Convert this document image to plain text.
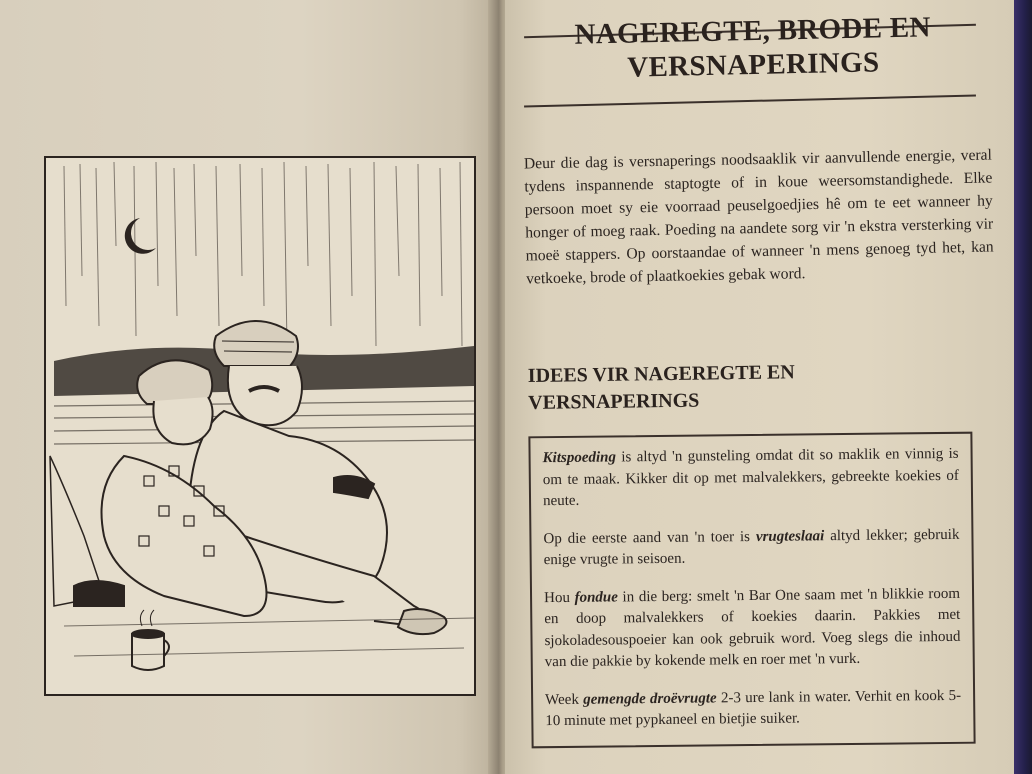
NAGEREGTE, BRODE EN
VERSNAPERINGS
Deur die dag is versnaperings noodsaaklik vir aanvullende energie, veral tydens inspannende staptogte of in koue weersomstandighede. Elke persoon moet sy eie voorraad peuselgoedjies hê om te eet wanneer hy honger of moeg raak. Poeding na aandete sorg vir 'n ekstra versterking vir moeë stappers. Op oorstaandae of wanneer 'n mens genoeg tyd het, kan vetkoeke, brode of plaatkoekies gebak word.
IDEES VIR NAGEREGTE EN
VERSNAPERINGS

Kitspoeding is altyd 'n gunsteling omdat dit so maklik en vinnig is om te maak. Kikker dit op met malvalekkers, gebreekte koekies of neute.

Op die eerste aand van 'n toer is vrugteslaai altyd lekker; gebruik enige vrugte in seisoen.

Hou fondue in die berg: smelt 'n Bar One saam met 'n blikkie room en doop malvalekkers of koekies daarin. Pakkies met sjokoladesouspoeier kan ook gebruik word. Voeg slegs die inhoud van die pakkie by kokende melk en roer met 'n vurk.

Week gemengde droëvrugte 2-3 ure lank in water. Verhit en kook 5-10 minute met pypkaneel en bietjie suiker.
